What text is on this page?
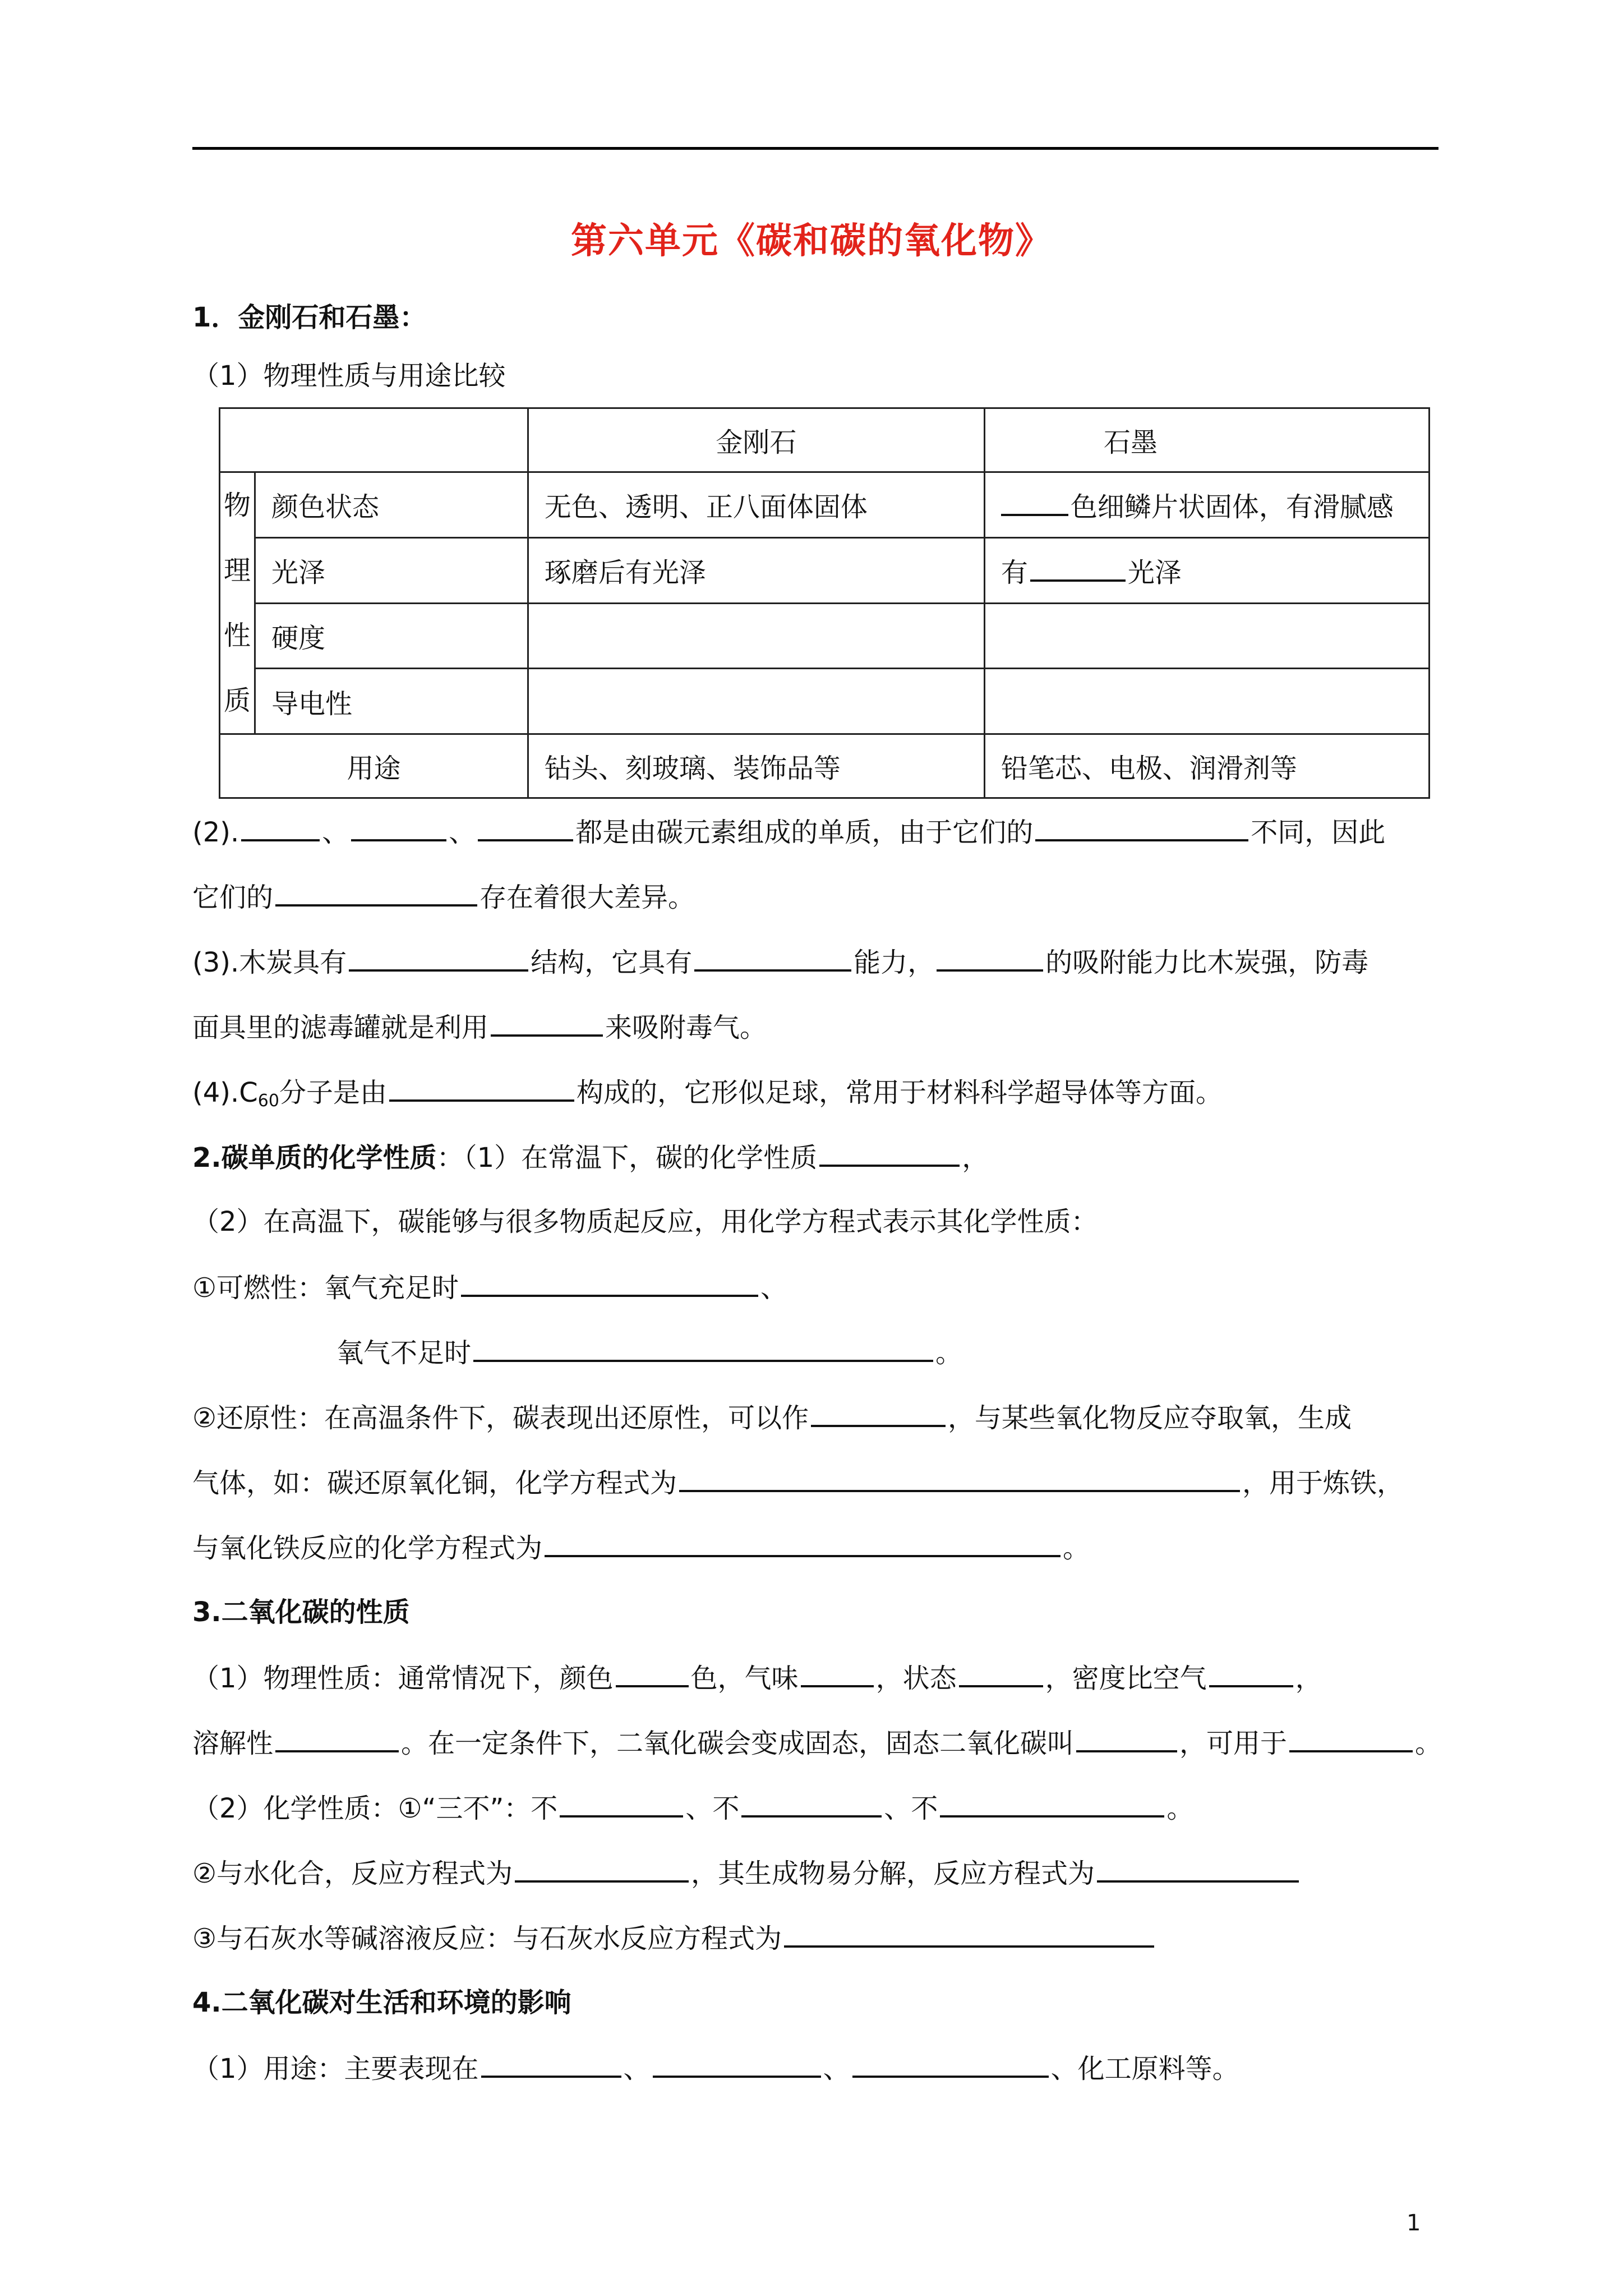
第六单元《碳和碳的氧化物》
1．金刚石和石墨：
（1）物理性质与用途比较
		金刚石	石墨

物
理
性
质	颜色状态	无色、透明、正八面体固体	色细鳞片状固体，有滑腻感
	光泽	琢磨后有光泽	有 光泽
	硬度		
	导电性		
用途		钻头、刻玻璃、装饰品等	铅笔芯、电极、润滑剂等
(2).	、	、	都是由碳元素组成的单质，由于它们的	不同，因此
它们的	存在着很大差异。
(3).木炭具有	结构，它具有	能力，	的吸附能力比木炭强，防毒
面具里的滤毒罐就是利用	来吸附毒气。
$(4).C_{60}$分子是由	构成的，它形似足球，常用于材料科学超导体等方面。
2.碳单质的化学性质：（1）在常温下，碳的化学性质	，
（2）在高温下，碳能够与很多物质起反应，用化学方程式表示其化学性质：
①可燃性：氧气充足时	、
氧气不足时	。
②还原性：在高温条件下，碳表现出还原性，可以作	，与某些氧化物反应夺取氧，生成
气体，如：碳还原氧化铜，化学方程式为	，用于炼铁，
与氧化铁反应的化学方程式为	。
3.二氧化碳的性质
（1）物理性质：通常情况下，颜色	色，气味	，状态	，密度比空气	，
溶解性	。在一定条件下，二氧化碳会变成固态，固态二氧化碳叫	，可用于	。
（2）化学性质：①“三不”：不	、不	、不	。
②与水化合，反应方程式为	，其生成物易分解，反应方程式为
③与石灰水等碱溶液反应：与石灰水反应方程式为
4.二氧化碳对生活和环境的影响
（1）用途：主要表现在	、	、	、化工原料等。
1
